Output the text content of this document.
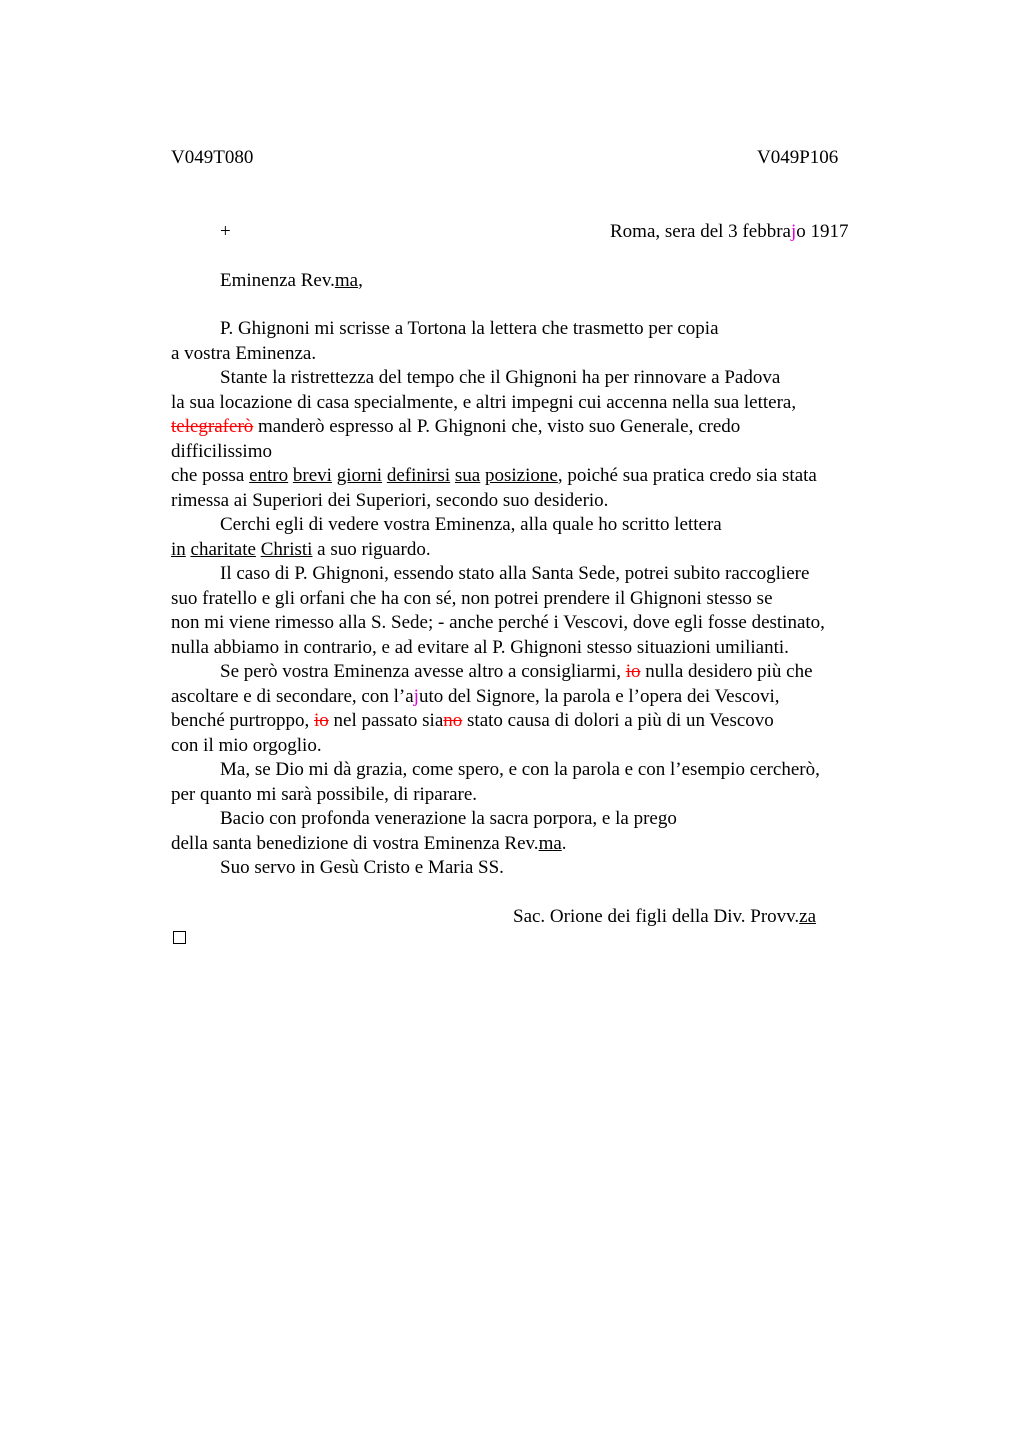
V049T080	V049P106
+	Roma, sera del 3 febbrajo 1917
Eminenza Rev.ma,
P. Ghignoni mi scrisse a Tortona la lettera che trasmetto per copia
a vostra Eminenza.
Stante la ristrettezza del tempo che il Ghignoni ha per rinnovare a Padova
la sua locazione di casa specialmente, e altri impegni cui accenna nella sua lettera,
telegraferò manderò espresso al P. Ghignoni che, visto suo Generale, credo
difficilissimo
che possa entro brevi giorni definirsi sua posizione, poiché sua pratica credo sia stata
rimessa ai Superiori dei Superiori, secondo suo desiderio.
Cerchi egli di vedere vostra Eminenza, alla quale ho scritto lettera
in charitate Christi a suo riguardo.
Il caso di P. Ghignoni, essendo stato alla Santa Sede, potrei subito raccogliere
suo fratello e gli orfani che ha con sé, non potrei prendere il Ghignoni stesso se
non mi viene rimesso alla S. Sede; - anche perché i Vescovi, dove egli fosse destinato,
nulla abbiamo in contrario, e ad evitare al P. Ghignoni stesso situazioni umilianti.
Se però vostra Eminenza avesse altro a consigliarmi, io nulla desidero più che
ascoltare e di secondare, con l’ajuto del Signore, la parola e l’opera dei Vescovi,
benché purtroppo, io nel passato siano stato causa di dolori a più di un Vescovo
con il mio orgoglio.
Ma, se Dio mi dà grazia, come spero, e con la parola e con l’esempio cercherò,
per quanto mi sarà possibile, di riparare.
Bacio con profonda venerazione la sacra porpora, e la prego
della santa benedizione di vostra Eminenza Rev.ma.
Suo servo in Gesù Cristo e Maria SS.
Sac. Orione dei figli della Div. Provv.za
